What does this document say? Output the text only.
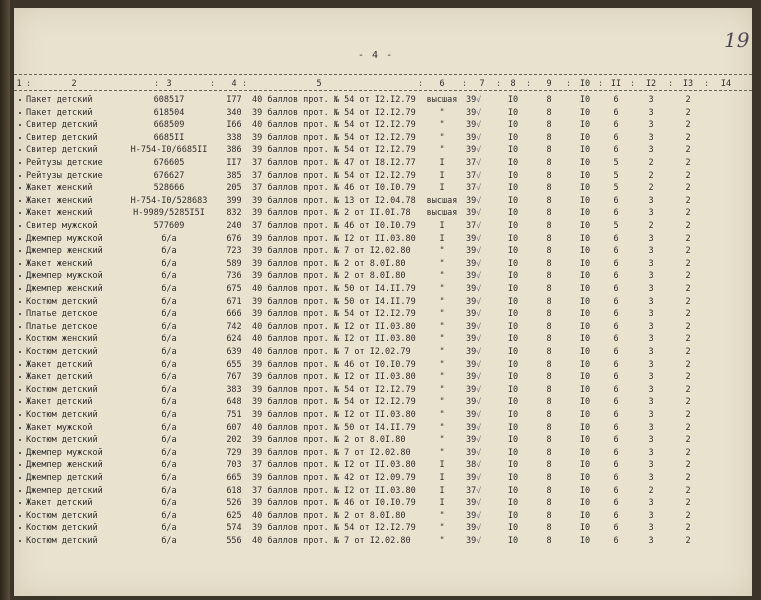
- 4 -
19
1	2	3	4	5	6	7	8	9	I0	II	I2	I3	I4
:	:	:	:	:	:	:	:	:	:	:	:	:
Пакет детский	608517	I77	40 баллов прот. № 54 от I2.I2.79	высшая	39√	I0	8	I0	6	3	2
Пакет детский	618504	340	39 баллов прот. № 54 от I2.I2.79	"	39√	I0	8	I0	6	3	2
Свитер детский	668509	I66	40 баллов прот. № 54 от I2.I2.79	"	39√	I0	8	I0	6	3	2
Свитер детский	6685II	338	39 баллов прот. № 54 от I2.I2.79	"	39√	I0	8	I0	6	3	2
Свитер детский	Н-754-I0/6685II	386	39 баллов прот. № 54 от I2.I2.79	"	39√	I0	8	I0	6	3	2
Рейтузы детские	676605	II7	37 баллов прот. № 47 от I8.I2.77	I	37√	I0	8	I0	5	2	2
Рейтузы детские	676627	385	37 баллов прот. № 54 от I2.I2.79	I	37√	I0	8	I0	5	2	2
Жакет женский	528666	205	37 баллов прот. № 46 от I0.I0.79	I	37√	I0	8	I0	5	2	2
Жакет женский	Н-754-I0/528683	399	39 баллов прот. № 13 от I2.04.78	высшая	39√	I0	8	I0	6	3	2
Жакет женский	Н-9989/5285I5I	832	39 баллов прот. № 2 от II.0I.78	высшая	39√	I0	8	I0	6	3	2
Свитер мужской	577609	240	37 баллов прот. № 46 от I0.I0.79	I	37√	I0	8	I0	5	2	2
Джемпер мужской	б/а	676	39 баллов прот. № I2 от II.03.80	I	39√	I0	8	I0	6	3	2
Джемпер женский	б/а	723	39 баллов прот. № 7 от I2.02.80	"	39√	I0	8	I0	6	3	2
Жакет женский	б/а	589	39 баллов прот. № 2 от 8.0I.80	"	39√	I0	8	I0	6	3	2
Джемпер мужской	б/а	736	39 баллов прот. № 2 от 8.0I.80	"	39√	I0	8	I0	6	3	2
Джемпер женский	б/а	675	40 баллов прот. № 50 от I4.II.79	"	39√	I0	8	I0	6	3	2
Костюм детский	б/а	671	39 баллов прот. № 50 от I4.II.79	"	39√	I0	8	I0	6	3	2
Платье детское	б/а	666	39 баллов прот. № 54 от I2.I2.79	"	39√	I0	8	I0	6	3	2
Платье детское	б/а	742	40 баллов прот. № I2 от II.03.80	"	39√	I0	8	I0	6	3	2
Костюм женский	б/а	624	40 баллов прот. № I2 от II.03.80	"	39√	I0	8	I0	6	3	2
Костюм детский	б/а	639	40 баллов прот. № 7 от I2.02.79	"	39√	I0	8	I0	6	3	2
Жакет детский	б/а	655	39 баллов прот. № 46 от I0.I0.79	"	39√	I0	8	I0	6	3	2
Жакет детский	б/а	767	39 баллов прот. № I2 от II.03.80	"	39√	I0	8	I0	6	3	2
Костюм детский	б/а	383	39 баллов прот. № 54 от I2.I2.79	"	39√	I0	8	I0	6	3	2
Жакет детский	б/а	648	39 баллов прот. № 54 от I2.I2.79	"	39√	I0	8	I0	6	3	2
Костюм детский	б/а	751	39 баллов прот. № I2 от II.03.80	"	39√	I0	8	I0	6	3	2
Жакет мужской	б/а	607	40 баллов прот. № 50 от I4.II.79	"	39√	I0	8	I0	6	3	2
Костюм детский	б/а	202	39 баллов прот. № 2 от 8.0I.80	"	39√	I0	8	I0	6	3	2
Джемпер мужской	б/а	729	39 баллов прот. № 7 от I2.02.80	"	39√	I0	8	I0	6	3	2
Джемпер женский	б/а	703	37 баллов прот. № I2 от II.03.80	I	38√	I0	8	I0	6	3	2
Джемпер детский	б/а	665	39 баллов прот. № 42 от I2.09.79	I	39√	I0	8	I0	6	3	2
Джемпер детский	б/а	618	37 баллов прот. № I2 от II.03.80	I	37√	I0	8	I0	6	2	2
Жакет детский	б/а	526	39 баллов прот. № 46 от I0.I0.79	I	39√	I0	8	I0	6	3	2
Костюм детский	б/а	625	40 баллов прот. № 2 от 8.0I.80	"	39√	I0	8	I0	6	3	2
Костюм детский	б/а	574	39 баллов прот. № 54 от I2.I2.79	"	39√	I0	8	I0	6	3	2
Костюм детский	б/а	556	40 баллов прот. № 7 от I2.02.80	"	39√	I0	8	I0	6	3	2
